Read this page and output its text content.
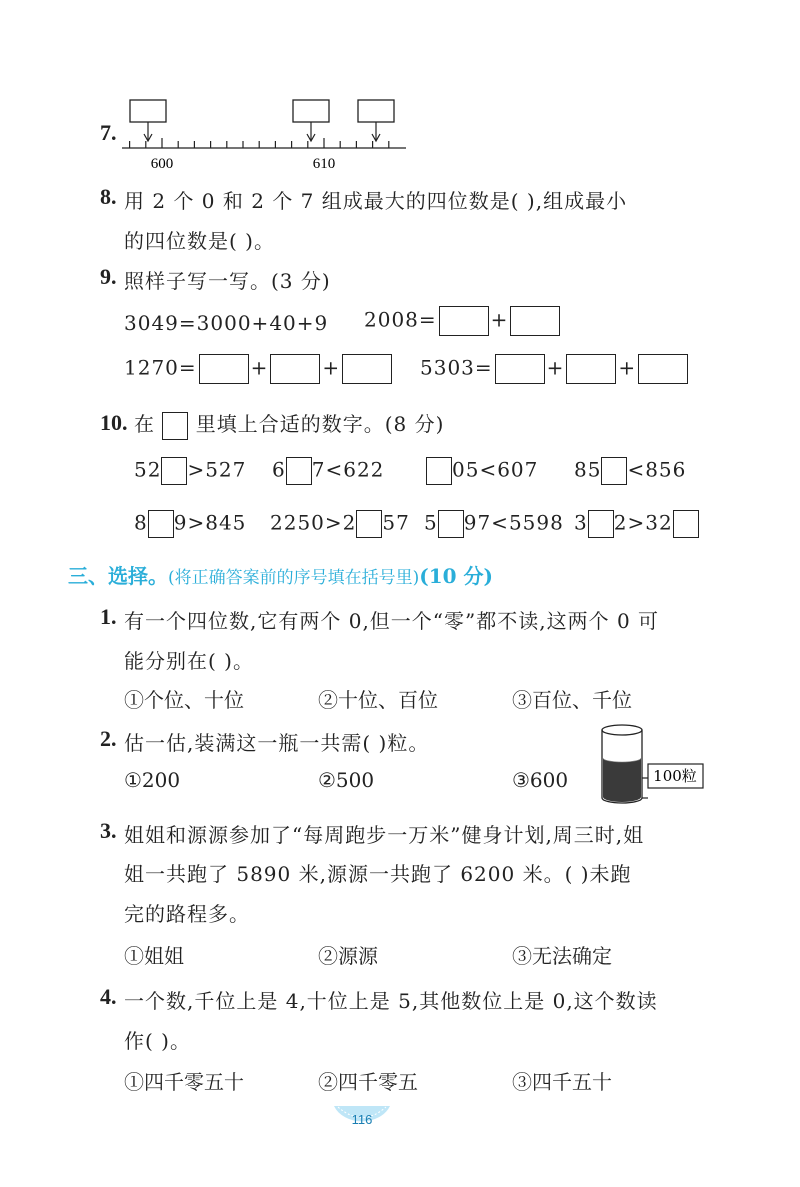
7.
600	610
8. 用 2 个 0 和 2 个 7 组成最大的四位数是( ),组成最小
的四位数是( )。
9. 照样子写一写。(3 分)
3049=3000+40+9 2008=	+
1270=	+	+	5303=	+	+
10. 在 里填上合适的数字。(8 分)
52 >527 6 7<622	05<607 85 <856
8 9>845 2250>2 57 5 97<5598 3 2>32
三、选择。(将正确答案前的序号填在括号里)(10 分)
1. 有一个四位数,它有两个 0,但一个“零”都不读,这两个 0 可
能分别在( )。
①个位、十位	②十位、百位	③百位、千位
2. 估一估,装满这一瓶一共需( )粒。
①200	②500	③600	100粒
3. 姐姐和源源参加了“每周跑步一万米”健身计划,周三时,姐
姐一共跑了 5890 米,源源一共跑了 6200 米。( )未跑
完的路程多。
①姐姐	②源源	③无法确定
4. 一个数,千位上是 4,十位上是 5,其他数位上是 0,这个数读
作( )。
①四千零五十	②四千零五	③四千五十
116
